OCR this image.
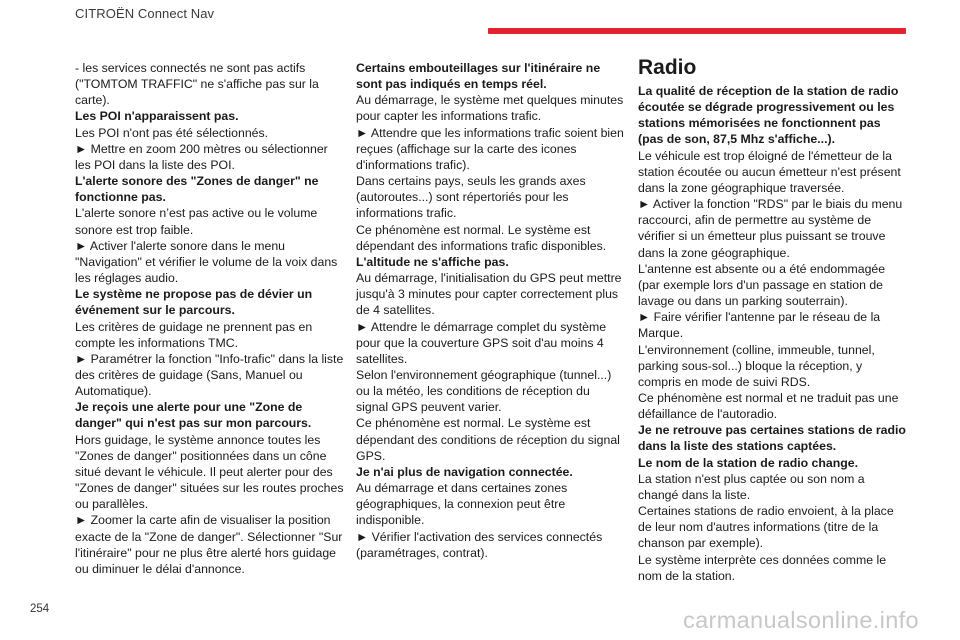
CITROËN Connect Nav

- les services connectés ne sont pas actifs ("TOMTOM TRAFFIC" ne s'affiche pas sur la carte).

Les POI n'apparaissent pas.

Les POI n'ont pas été sélectionnés.

► Mettre en zoom 200 mètres ou sélectionner les POI dans la liste des POI.

L'alerte sonore des "Zones de danger" ne fonctionne pas.

L'alerte sonore n’est pas active ou le volume sonore est trop faible.

► Activer l'alerte sonore dans le menu "Navigation" et vérifier le volume de la voix dans les réglages audio.

Le système ne propose pas de dévier un événement sur le parcours.

Les critères de guidage ne prennent pas en compte les informations TMC.

► Paramétrer la fonction "Info-trafic" dans la liste des critères de guidage (Sans, Manuel ou Automatique).

Je reçois une alerte pour une "Zone de danger" qui n'est pas sur mon parcours.

Hors guidage, le système annonce toutes les "Zones de danger" positionnées dans un cône situé devant le véhicule. Il peut alerter pour des "Zones de danger" situées sur les routes proches ou parallèles.

► Zoomer la carte afin de visualiser la position exacte de la "Zone de danger". Sélectionner "Sur l'itinéraire" pour ne plus être alerté hors guidage ou diminuer le délai d'annonce.

Certains embouteillages sur l'itinéraire ne sont pas indiqués en temps réel.

Au démarrage, le système met quelques minutes pour capter les informations trafic.

► Attendre que les informations trafic soient bien reçues (affichage sur la carte des icones d'informations trafic).

Dans certains pays, seuls les grands axes (autoroutes...) sont répertoriés pour les informations trafic.

Ce phénomène est normal. Le système est dépendant des informations trafic disponibles.

L'altitude ne s'affiche pas.

Au démarrage, l'initialisation du GPS peut mettre jusqu'à 3 minutes pour capter correctement plus de 4 satellites.

► Attendre le démarrage complet du système pour que la couverture GPS soit d'au moins 4 satellites.

Selon l'environnement géographique (tunnel...) ou la météo, les conditions de réception du signal GPS peuvent varier.

Ce phénomène est normal. Le système est dépendant des conditions de réception du signal GPS.

Je n'ai plus de navigation connectée.

Au démarrage et dans certaines zones géographiques, la connexion peut être indisponible.

► Vérifier l'activation des services connectés (paramétrages, contrat).

Radio

La qualité de réception de la station de radio écoutée se dégrade progressivement ou les stations mémorisées ne fonctionnent pas (pas de son, 87,5 Mhz s'affiche...).

Le véhicule est trop éloigné de l'émetteur de la station écoutée ou aucun émetteur n'est présent dans la zone géographique traversée.

► Activer la fonction "RDS" par le biais du menu raccourci, afin de permettre au système de vérifier si un émetteur plus puissant se trouve dans la zone géographique.

L'antenne est absente ou a été endommagée (par exemple lors d'un passage en station de lavage ou dans un parking souterrain).

► Faire vérifier l'antenne par le réseau de la Marque.

L'environnement (colline, immeuble, tunnel, parking sous-sol...) bloque la réception, y compris en mode de suivi RDS.

Ce phénomène est normal et ne traduit pas une défaillance de l'autoradio.

Je ne retrouve pas certaines stations de radio dans la liste des stations captées.

Le nom de la station de radio change.

La station n'est plus captée ou son nom a changé dans la liste.

Certaines stations de radio envoient, à la place de leur nom d'autres informations (titre de la chanson par exemple).

Le système interprète ces données comme le nom de la station.

254	carmanualsonline.info
